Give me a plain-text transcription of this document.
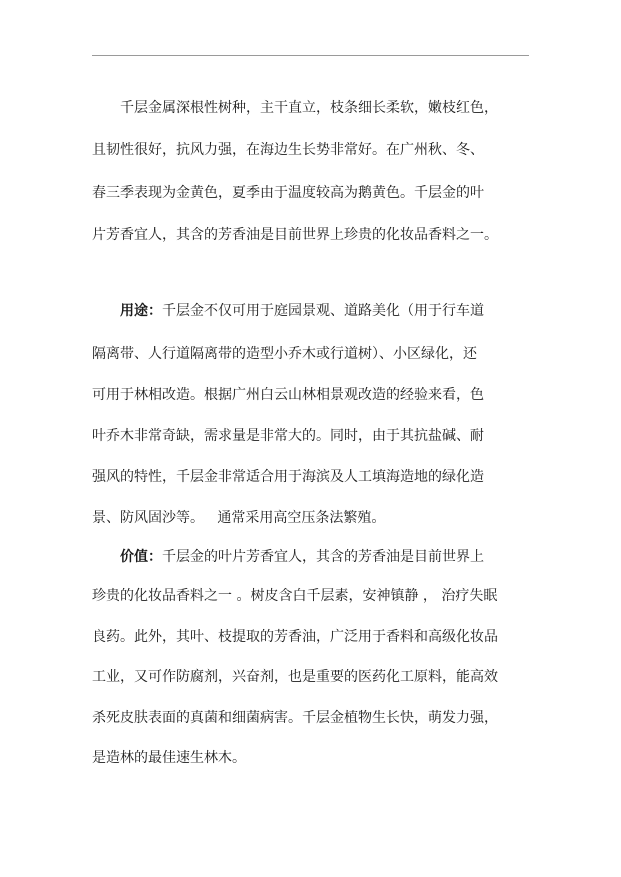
千层金属深根性树种，主干直立，枝条细长柔软，嫩枝红色，
且韧性很好，抗风力强，在海边生长势非常好。在广州秋、冬、
春三季表现为金黄色，夏季由于温度较高为鹅黄色。千层金的叶
片芳香宜人，其含的芳香油是目前世界上珍贵的化妆品香料之一。
用途：千层金不仅可用于庭园景观、道路美化（用于行车道
隔离带、人行道隔离带的造型小乔木或行道树）、小区绿化，还
可用于林相改造。根据广州白云山林相景观改造的经验来看，色
叶乔木非常奇缺，需求量是非常大的。同时，由于其抗盐碱、耐
强风的特性，千层金非常适合用于海滨及人工填海造地的绿化造
景、防风固沙等。   通常采用高空压条法繁殖。
价值：千层金的叶片芳香宜人，其含的芳香油是目前世界上
珍贵的化妆品香料之一 。树皮含白千层素，安神镇静 ， 治疗失眠
良药。此外，其叶、枝提取的芳香油，广泛用于香料和高级化妆品
工业，又可作防腐剂，兴奋剂，也是重要的医药化工原料，能高效
杀死皮肤表面的真菌和细菌病害。千层金植物生长快，萌发力强，
是造林的最佳速生林木。
